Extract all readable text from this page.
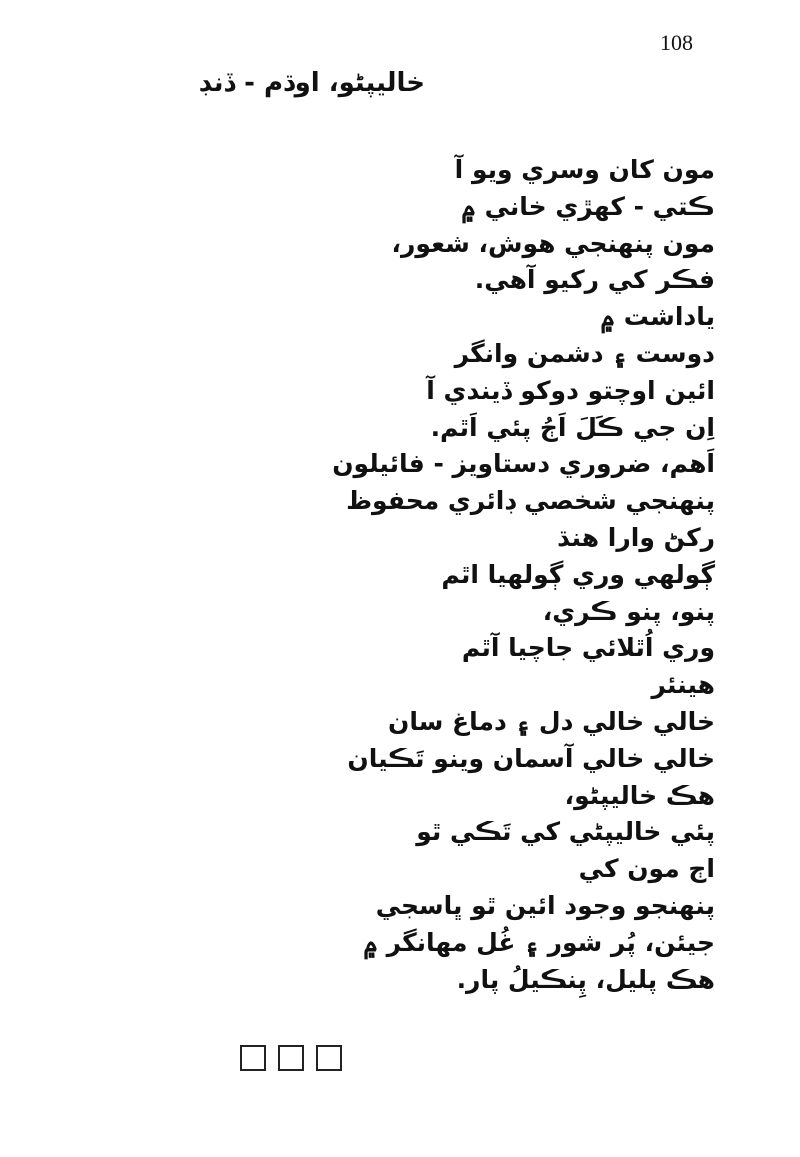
108
خاليپڻو، اوڌم - ڏنڊ
مون کان وسري ويو آ
ڪتي - کھڙي خاني ۾
مون پنھنجي هوش، شعور،
فڪر کي رکيو آهي.
ياداشت ۾
دوست ۽ دشمن وانگر
ائين اوچتو دوکو ڏيندي آ
اِن جي ڪَلَ اَڄُ پئي اَٿم.
اَهم، ضروري دستاويز - فائيلون
پنھنجي شخصي ڊائري محفوظ
رکڻ وارا هنڌ
ڳولھي وري ڳولھيا اٿم
پنو، پنو ڪري،
وري اُٿلائي جاچيا آٿم
هينئر
خالي خالي دل ۽ دماغ سان
خالي خالي آسمان وينو تَڪيان
هڪ خاليپڻو،
پئي خاليپڻي کي تَڪي ٿو
اڄ مون کي
پنھنجو وجود ائين ٿو ڀاسجي
جيئن، پُر شور ۽ غُل مھانگر ۾
هڪ پليل، پِنڪيلُ پار.
